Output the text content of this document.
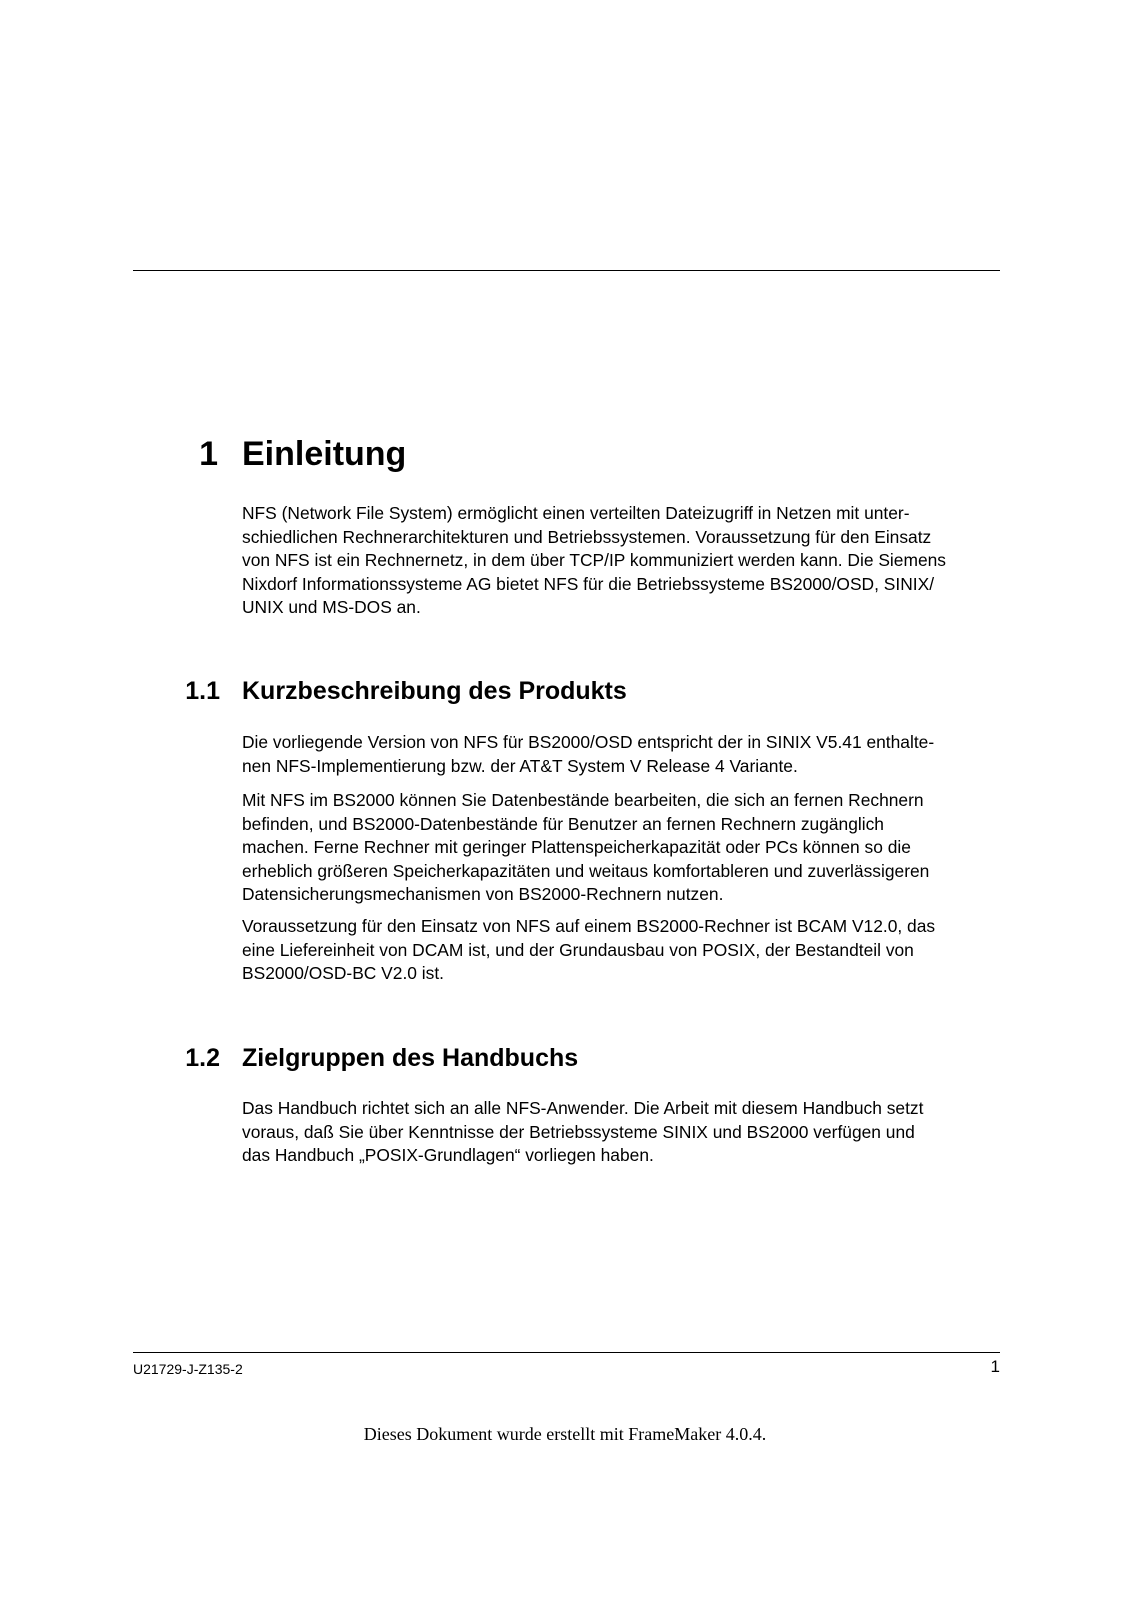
1 Einleitung

NFS (Network File System) ermöglicht einen verteilten Dateizugriff in Netzen mit unter-
schiedlichen Rechnerarchitekturen und Betriebssystemen. Voraussetzung für den Einsatz
von NFS ist ein Rechnernetz, in dem über TCP/IP kommuniziert werden kann. Die Siemens
Nixdorf Informationssysteme AG bietet NFS für die Betriebssysteme BS2000/OSD, SINIX/
UNIX und MS-DOS an.

1.1 Kurzbeschreibung des Produkts

Die vorliegende Version von NFS für BS2000/OSD entspricht der in SINIX V5.41 enthalte-
nen NFS-Implementierung bzw. der AT&T System V Release 4 Variante.

Mit NFS im BS2000 können Sie Datenbestände bearbeiten, die sich an fernen Rechnern
befinden, und BS2000-Datenbestände für Benutzer an fernen Rechnern zugänglich
machen. Ferne Rechner mit geringer Plattenspeicherkapazität oder PCs können so die
erheblich größeren Speicherkapazitäten und weitaus komfortableren und zuverlässigeren
Datensicherungsmechanismen von BS2000-Rechnern nutzen.

Voraussetzung für den Einsatz von NFS auf einem BS2000-Rechner ist BCAM V12.0, das
eine Liefereinheit von DCAM ist, und der Grundausbau von POSIX, der Bestandteil von
BS2000/OSD-BC V2.0 ist.

1.2 Zielgruppen des Handbuchs

Das Handbuch richtet sich an alle NFS-Anwender. Die Arbeit mit diesem Handbuch setzt
voraus, daß Sie über Kenntnisse der Betriebssysteme SINIX und BS2000 verfügen und
das Handbuch „POSIX-Grundlagen“ vorliegen haben.

U21729-J-Z135-2	1
Dieses Dokument wurde erstellt mit FrameMaker 4.0.4.
